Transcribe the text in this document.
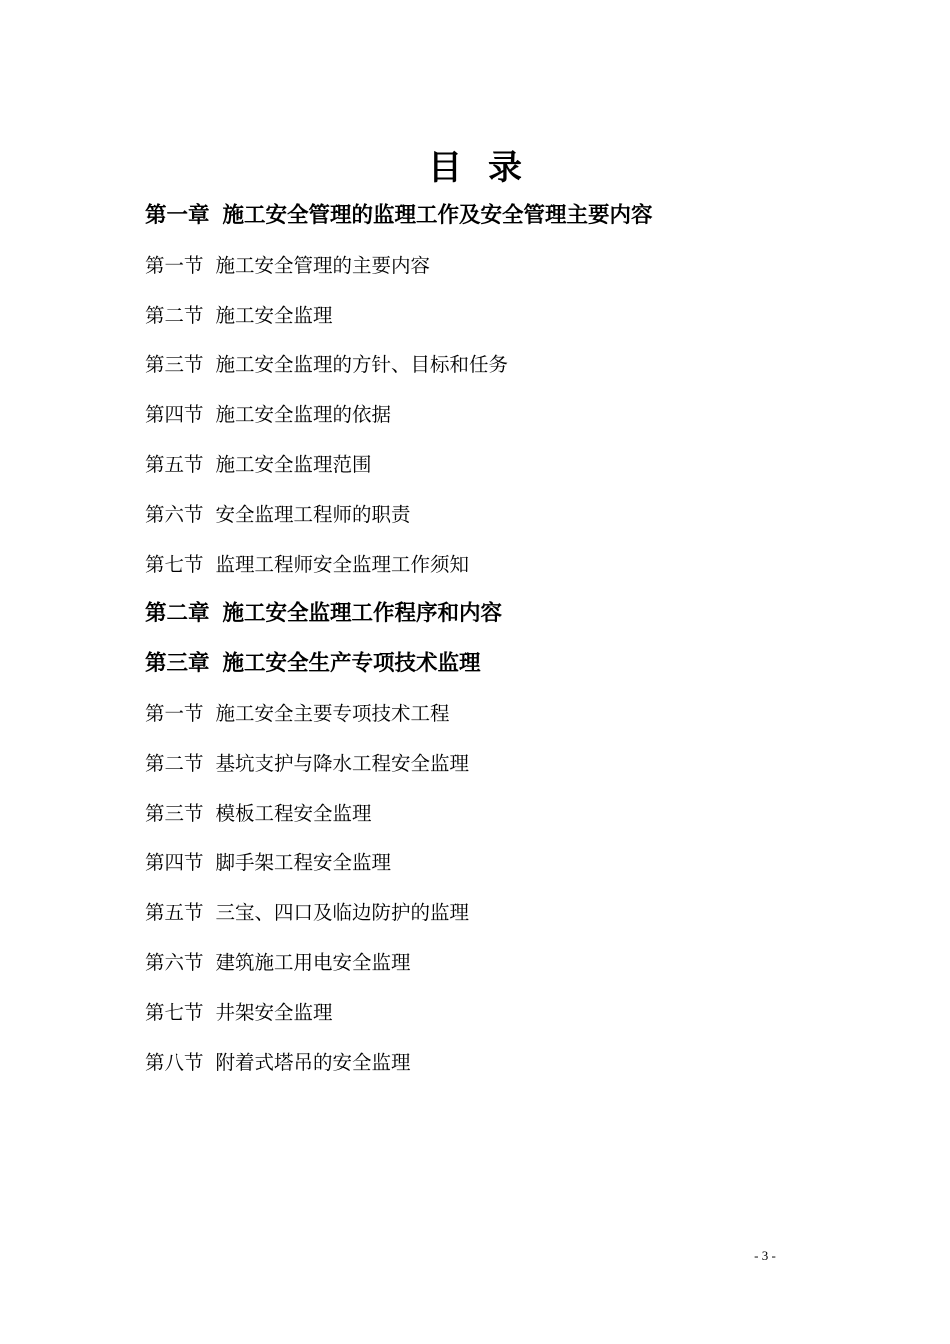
目录
第一章 施工安全管理的监理工作及安全管理主要内容
第一节 施工安全管理的主要内容
第二节 施工安全监理
第三节 施工安全监理的方针、目标和任务
第四节 施工安全监理的依据
第五节 施工安全监理范围
第六节 安全监理工程师的职责
第七节 监理工程师安全监理工作须知
第二章 施工安全监理工作程序和内容
第三章 施工安全生产专项技术监理
第一节 施工安全主要专项技术工程
第二节 基坑支护与降水工程安全监理
第三节 模板工程安全监理
第四节 脚手架工程安全监理
第五节 三宝、四口及临边防护的监理
第六节 建筑施工用电安全监理
第七节 井架安全监理
第八节 附着式塔吊的安全监理
- 3 -
